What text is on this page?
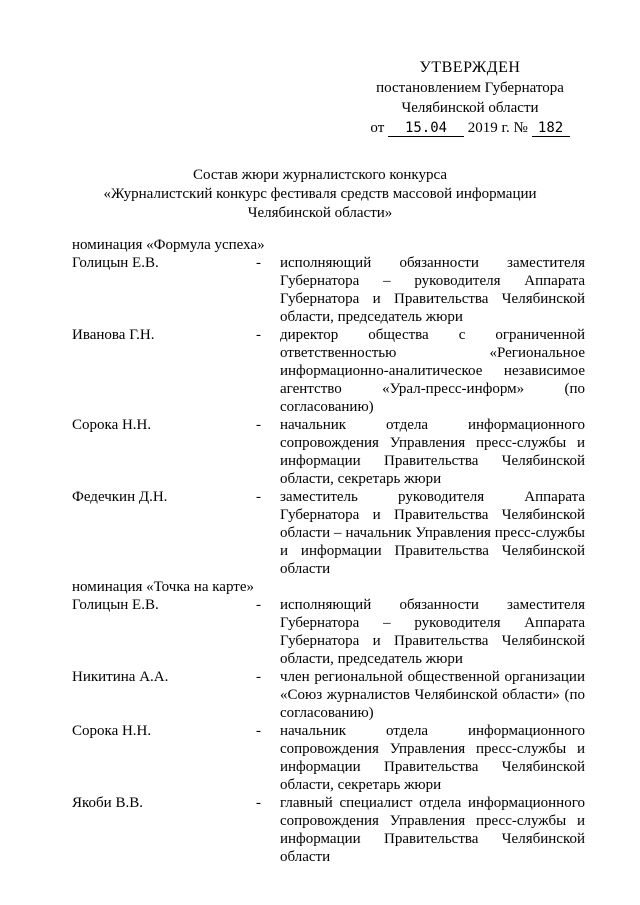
УТВЕРЖДЕН
постановлением Губернатора
Челябинской области
от 15.04 2019 г. № 182
Состав жюри журналистского конкурса
«Журналистский конкурс фестиваля средств массовой информации
Челябинской области»
номинация «Формула успеха»
Голицын Е.В.	-	исполняющий обязанности заместителя Губернатора – руководителя Аппарата Губернатора и Правительства Челябинской области, председатель жюри
Иванова Г.Н.	-	директор общества с ограниченной ответственностью «Региональное информационно-аналитическое независимое агентство «Урал-пресс-информ» (по согласованию)
Сорока Н.Н.	-	начальник отдела информационного сопровождения Управления пресс-службы и информации Правительства Челябинской области, секретарь жюри
Федечкин Д.Н.	-	заместитель руководителя Аппарата Губернатора и Правительства Челябинской области – начальник Управления пресс-службы и информации Правительства Челябинской области
номинация «Точка на карте»
Голицын Е.В.	-	исполняющий обязанности заместителя Губернатора – руководителя Аппарата Губернатора и Правительства Челябинской области, председатель жюри
Никитина А.А.	-	член региональной общественной организации «Союз журналистов Челябинской области» (по согласованию)
Сорока Н.Н.	-	начальник отдела информационного сопровождения Управления пресс-службы и информации Правительства Челябинской области, секретарь жюри
Якоби В.В.	-	главный специалист отдела информационного сопровождения Управления пресс-службы и информации Правительства Челябинской области
